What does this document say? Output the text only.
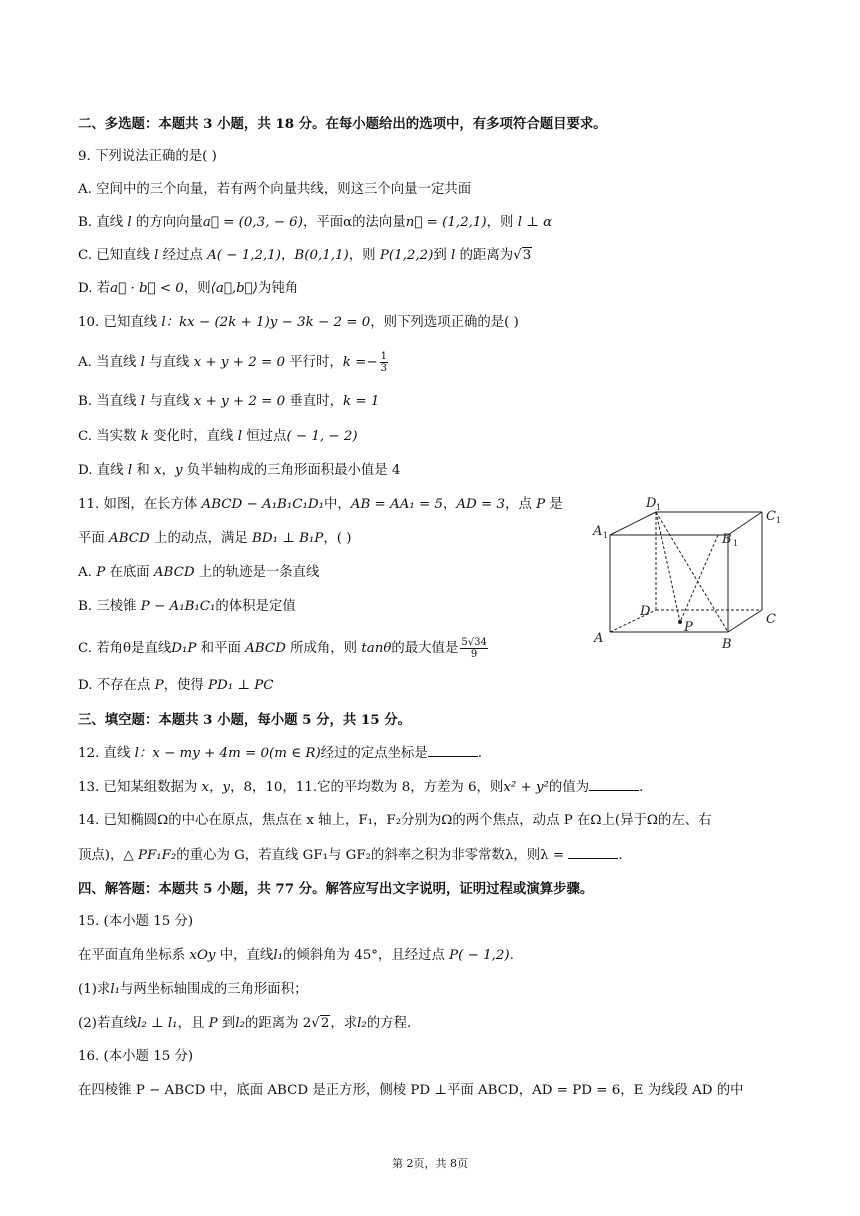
二、多选题：本题共 3 小题，共 18 分。在每小题给出的选项中，有多项符合题目要求。
9. 下列说法正确的是( )
A. 空间中的三个向量，若有两个向量共线，则这三个向量一定共面
B. 直线 l 的方向向量a⃗ = (0,3, − 6)，平面α的法向量n⃗ = (1,2,1)，则 l ⊥ α
C. 已知直线 l 经过点 A( − 1,2,1)，B(0,1,1)，则 P(1,2,2)到 l 的距离为√3
D. 若a⃗ · b⃗ < 0，则⟨a⃗,b⃗⟩为钝角
10. 已知直线 l：kx − (2k + 1)y − 3k − 2 = 0，则下列选项正确的是( )
A. 当直线 l 与直线 x + y + 2 = 0 平行时，$k =- \frac{1}{3}$
B. 当直线 l 与直线 x + y + 2 = 0 垂直时，k = 1
C. 当实数 k 变化时，直线 l 恒过点( − 1, − 2)
D. 直线 l 和 x，y 负半轴构成的三角形面积最小值是 4
11. 如图，在长方体 ABCD − A₁B₁C₁D₁中，AB = AA₁ = 5，AD = 3，点 P 是
平面 ABCD 上的动点，满足 BD₁ ⊥ B₁P，( )
A. P 在底面 ABCD 上的轨迹是一条直线
B. 三棱锥 P − A₁B₁C₁的体积是定值
C. 若角θ是直线D₁P 和平面 ABCD 所成角，则 tanθ的最大值是 $\frac{5√34}{9}$
D. 不存在点 P，使得 PD₁ ⊥ PC
A	B
C
D
A
B
C
D
P
1
1
1
1
三、填空题：本题共 3 小题，每小题 5 分，共 15 分。
12. 直线 l：x − my + 4m = 0(m ∈ R)经过的定点坐标是	.
13. 已知某组数据为 x，y，8，10，11.它的平均数为 8，方差为 6，则x² + y²的值为	.
14. 已知椭圆Ω的中心在原点，焦点在 x 轴上，F₁，F₂分别为Ω的两个焦点，动点 P 在Ω上(异于Ω的左、右
顶点)，△ PF₁F₂的重心为 G，若直线 GF₁与 GF₂的斜率之积为非零常数λ，则λ =	.
四、解答题：本题共 5 小题，共 77 分。解答应写出文字说明，证明过程或演算步骤。
15. (本小题 15 分)
在平面直角坐标系 xOy 中，直线l₁的倾斜角为 45°，且经过点 P( − 1,2).
(1)求l₁与两坐标轴围成的三角形面积；
(2)若直线l₂ ⊥ l₁，且 P 到l₂的距离为 2√2，求l₂的方程.
16. (本小题 15 分)
在四棱锥 P − ABCD 中，底面 ABCD 是正方形，侧棱 PD ⊥平面 ABCD，AD = PD = 6，E 为线段 AD 的中
第 2页，共 8页
